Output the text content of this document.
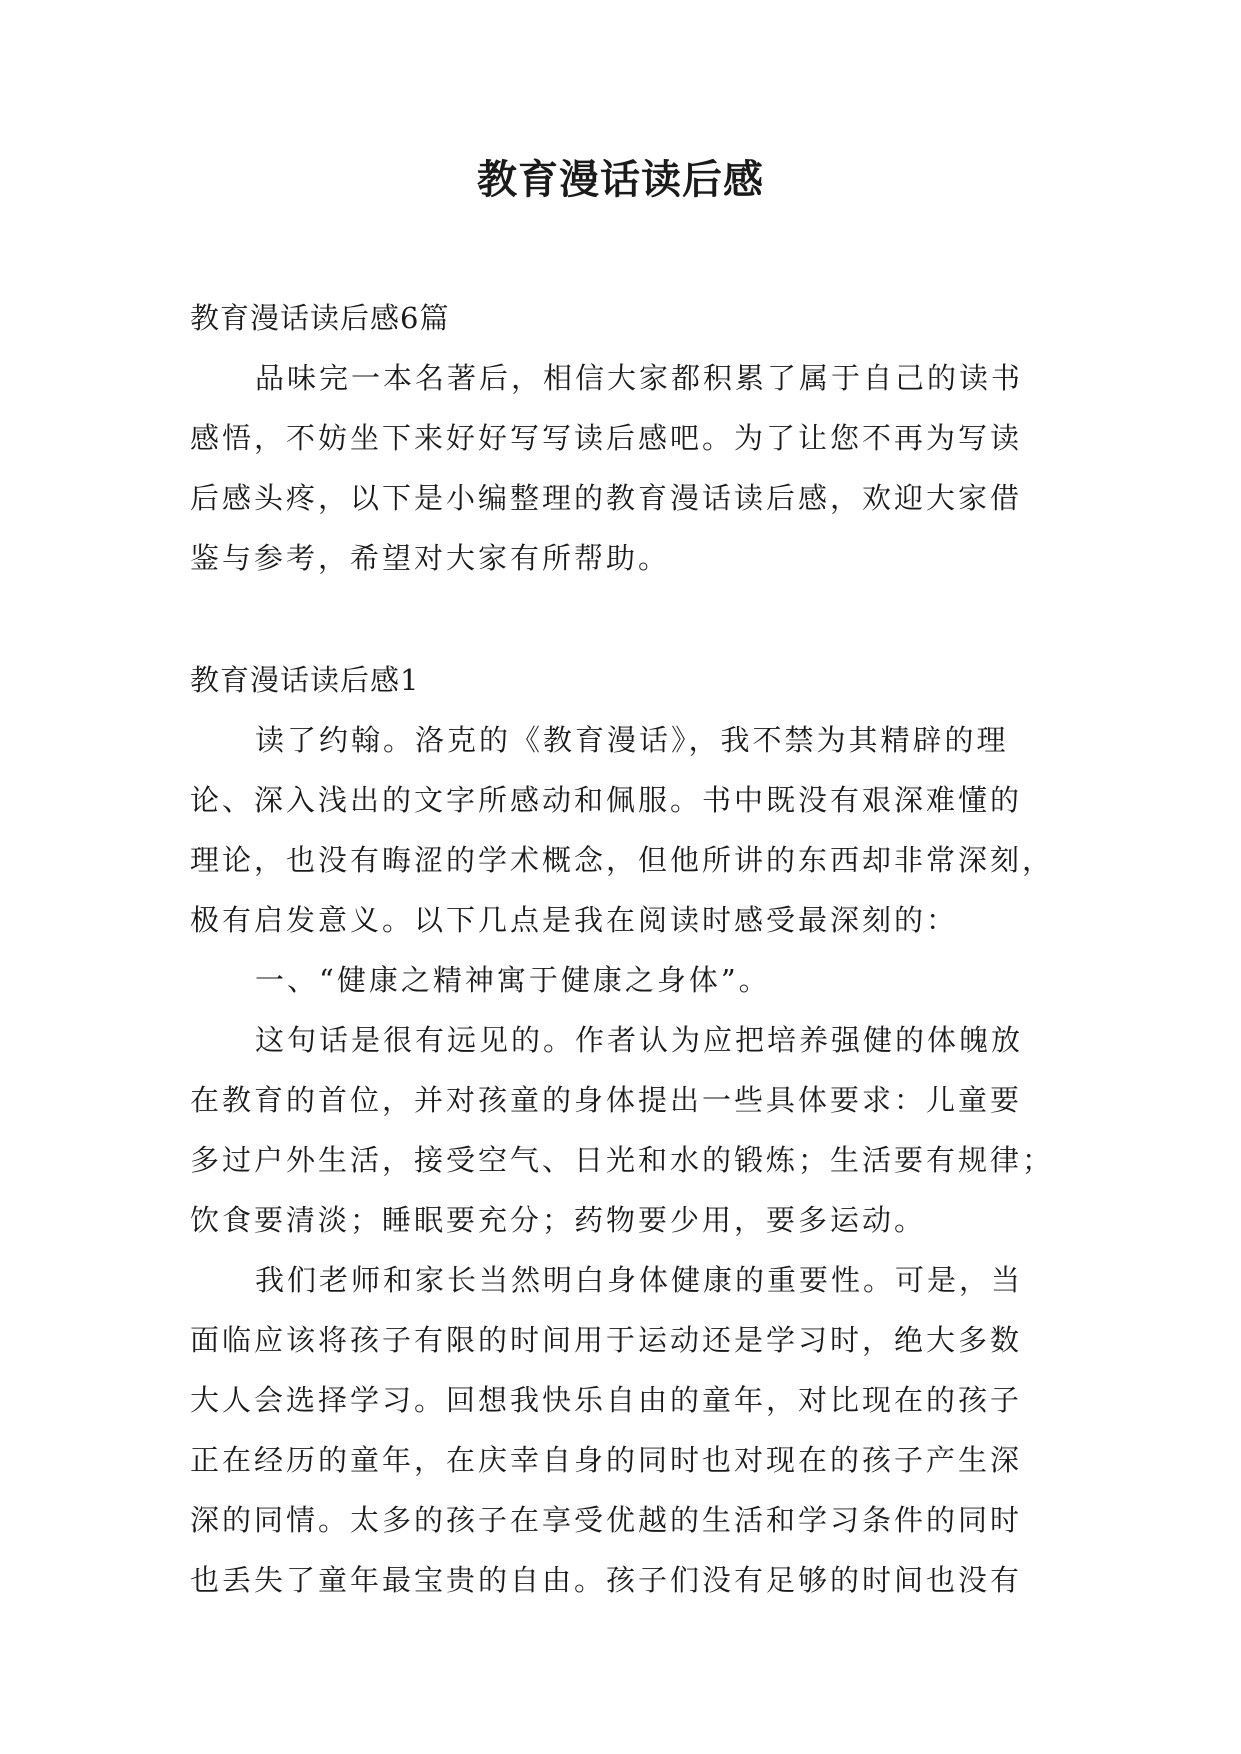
教育漫话读后感
教育漫话读后感6篇
品味完一本名著后，相信大家都积累了属于自己的读书
感悟，不妨坐下来好好写写读后感吧。为了让您不再为写读
后感头疼，以下是小编整理的教育漫话读后感，欢迎大家借
鉴与参考，希望对大家有所帮助。
教育漫话读后感1
读了约翰。洛克的《教育漫话》，我不禁为其精辟的理
论、深入浅出的文字所感动和佩服。书中既没有艰深难懂的
理论，也没有晦涩的学术概念，但他所讲的东西却非常深刻，
极有启发意义。以下几点是我在阅读时感受最深刻的：
一、“健康之精神寓于健康之身体”。
这句话是很有远见的。作者认为应把培养强健的体魄放
在教育的首位，并对孩童的身体提出一些具体要求：儿童要
多过户外生活，接受空气、日光和水的锻炼；生活要有规律；
饮食要清淡；睡眠要充分；药物要少用，要多运动。
我们老师和家长当然明白身体健康的重要性。可是，当
面临应该将孩子有限的时间用于运动还是学习时，绝大多数
大人会选择学习。回想我快乐自由的童年，对比现在的孩子
正在经历的童年，在庆幸自身的同时也对现在的孩子产生深
深的同情。太多的孩子在享受优越的生活和学习条件的同时
也丢失了童年最宝贵的自由。孩子们没有足够的时间也没有
